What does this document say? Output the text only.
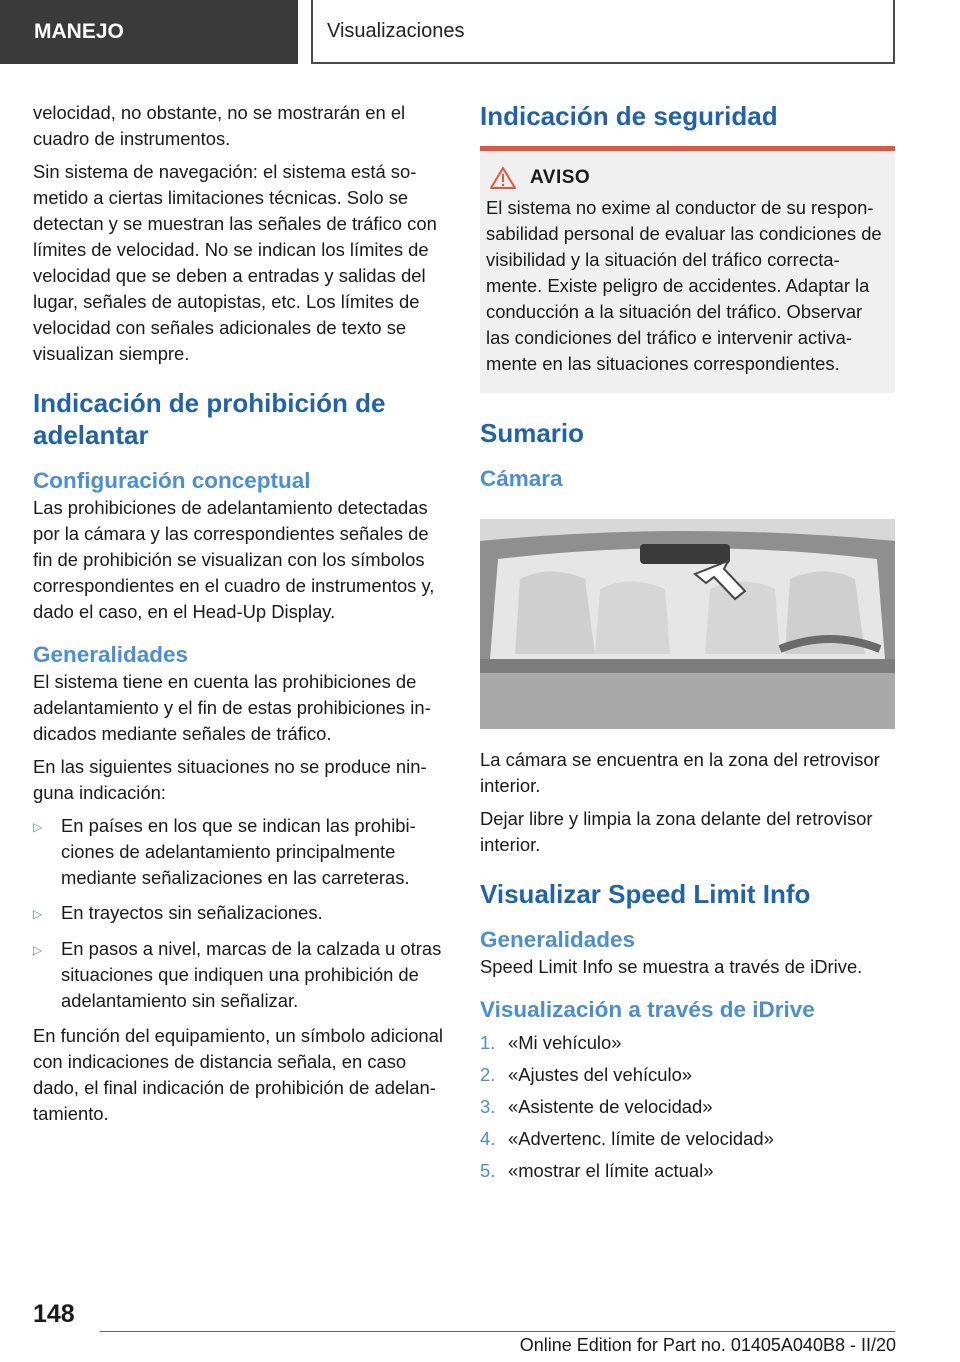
MANEJO	Visualizaciones

velocidad, no obstante, no se mostrarán en el cuadro de instrumentos.

Sin sistema de navegación: el sistema está sometido a ciertas limitaciones técnicas. Solo se detectan y se muestran las señales de tráfico con límites de velocidad. No se indican los límites de velocidad que se deben a entradas y salidas del lugar, señales de autopistas, etc. Los límites de velocidad con señales adicionales de texto se visualizan siempre.

Indicación de prohibición de adelantar
Configuración conceptual

Las prohibiciones de adelantamiento detectadas por la cámara y las correspondientes señales de fin de prohibición se visualizan con los símbolos correspondientes en el cuadro de instrumentos y, dado el caso, en el Head-Up Display.

Generalidades

El sistema tiene en cuenta las prohibiciones de adelantamiento y el fin de estas prohibiciones indicados mediante señales de tráfico.

En las siguientes situaciones no se produce ninguna indicación:

▷	En países en los que se indican las prohibiciones de adelantamiento principalmente mediante señalizaciones en las carreteras.
▷	En trayectos sin señalizaciones.
▷	En pasos a nivel, marcas de la calzada u otras situaciones que indiquen una prohibición de adelantamiento sin señalizar.

En función del equipamiento, un símbolo adicional con indicaciones de distancia señala, en caso dado, el final indicación de prohibición de adelantamiento.

Indicación de seguridad
AVISO

El sistema no exime al conductor de su responsabilidad personal de evaluar las condiciones de visibilidad y la situación del tráfico correctamente. Existe peligro de accidentes. Adaptar la conducción a la situación del tráfico. Observar las condiciones del tráfico e intervenir activamente en las situaciones correspondientes.

Sumario
Cámara

La cámara se encuentra en la zona del retrovisor interior.

Dejar libre y limpia la zona delante del retrovisor interior.

Visualizar Speed Limit Info
Generalidades

Speed Limit Info se muestra a través de iDrive.

Visualización a través de iDrive
1. «Mi vehículo»
2. «Ajustes del vehículo»
3. «Asistente de velocidad»
4. «Advertenc. límite de velocidad»
5. «mostrar el límite actual»
148
Online Edition for Part no. 01405A040B8 - II/20
